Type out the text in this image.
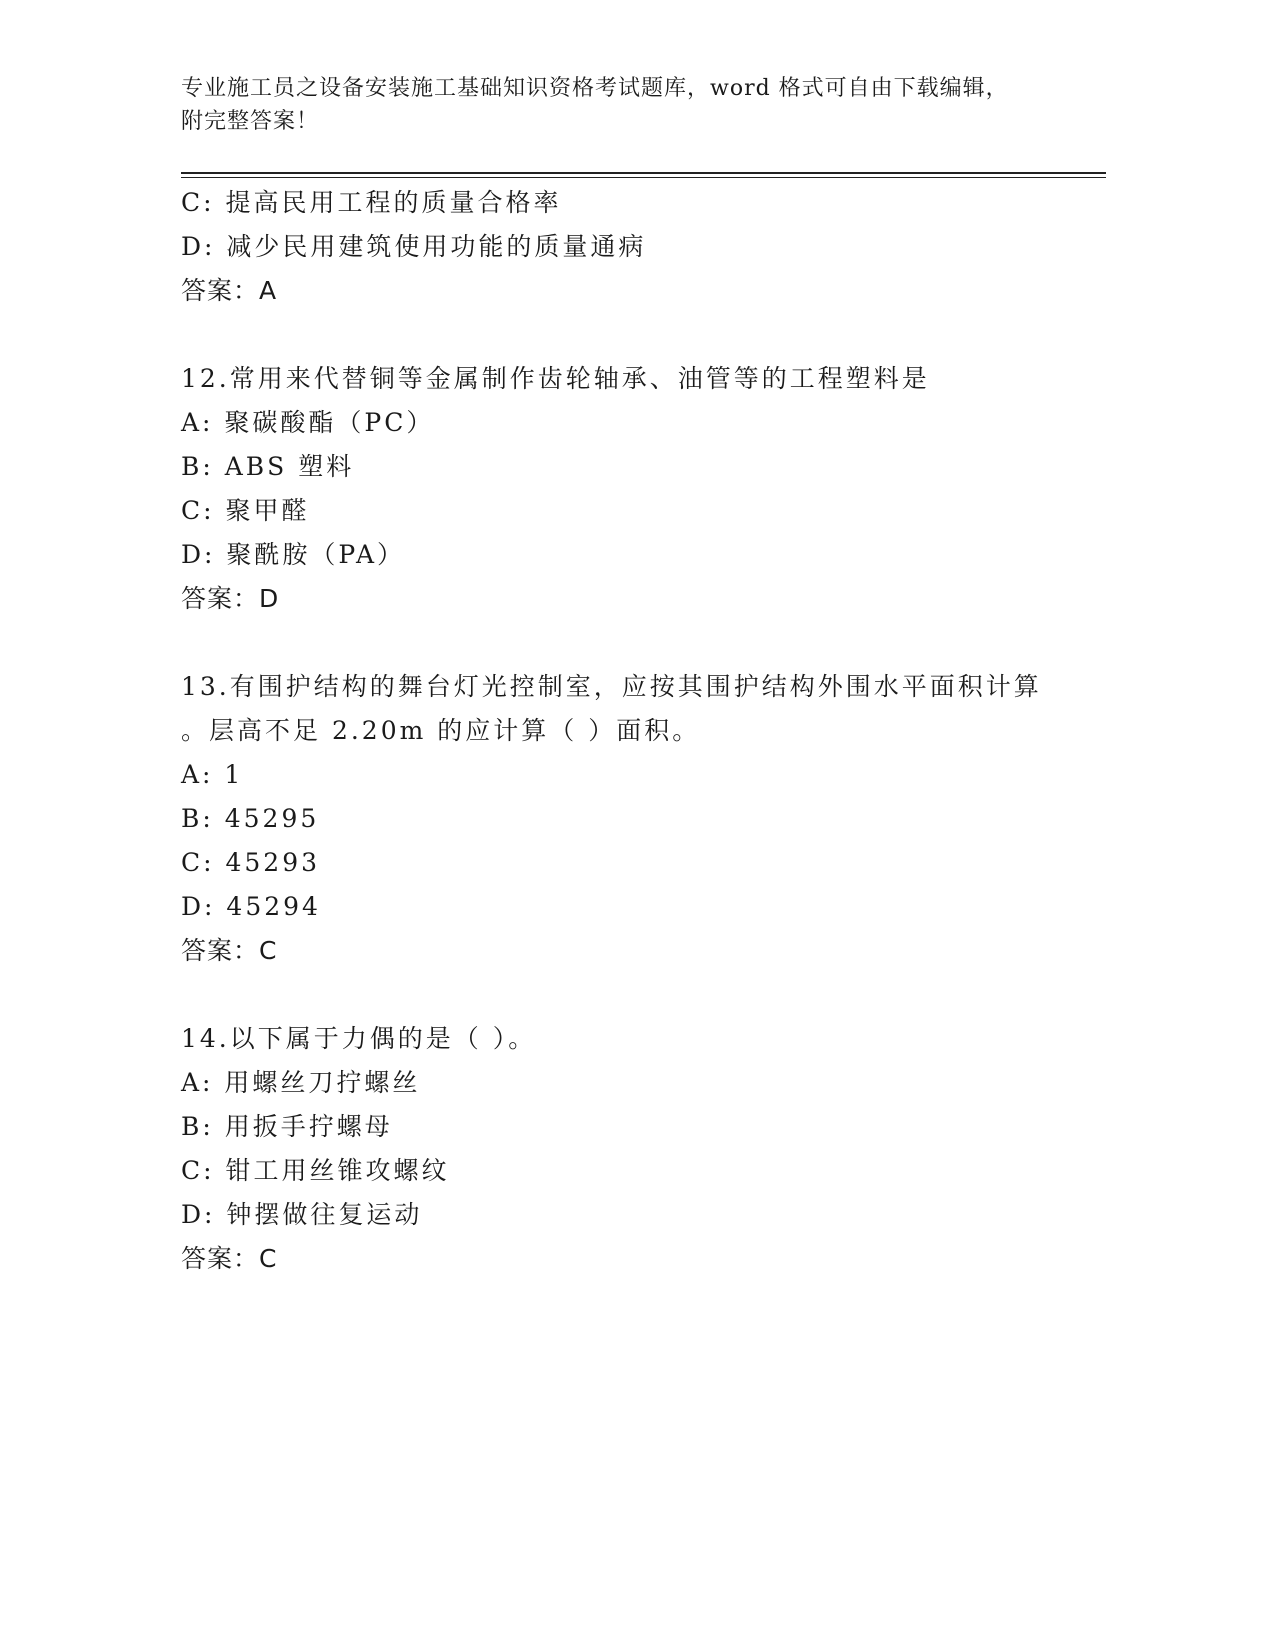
专业施工员之设备安装施工基础知识资格考试题库，word 格式可自由下载编辑，
附完整答案！
C: 提高民用工程的质量合格率
D: 减少民用建筑使用功能的质量通病
答案：A
12.常用来代替铜等金属制作齿轮轴承、油管等的工程塑料是
A: 聚碳酸酯（PC）
B: ABS 塑料
C: 聚甲醛
D: 聚酰胺（PA）
答案：D
13.有围护结构的舞台灯光控制室，应按其围护结构外围水平面积计算
。层高不足 2.20m 的应计算（ ）面积。
A: 1
B: 45295
C: 45293
D: 45294
答案：C
14.以下属于力偶的是（ ）。
A: 用螺丝刀拧螺丝
B: 用扳手拧螺母
C: 钳工用丝锥攻螺纹
D: 钟摆做往复运动
答案：C
